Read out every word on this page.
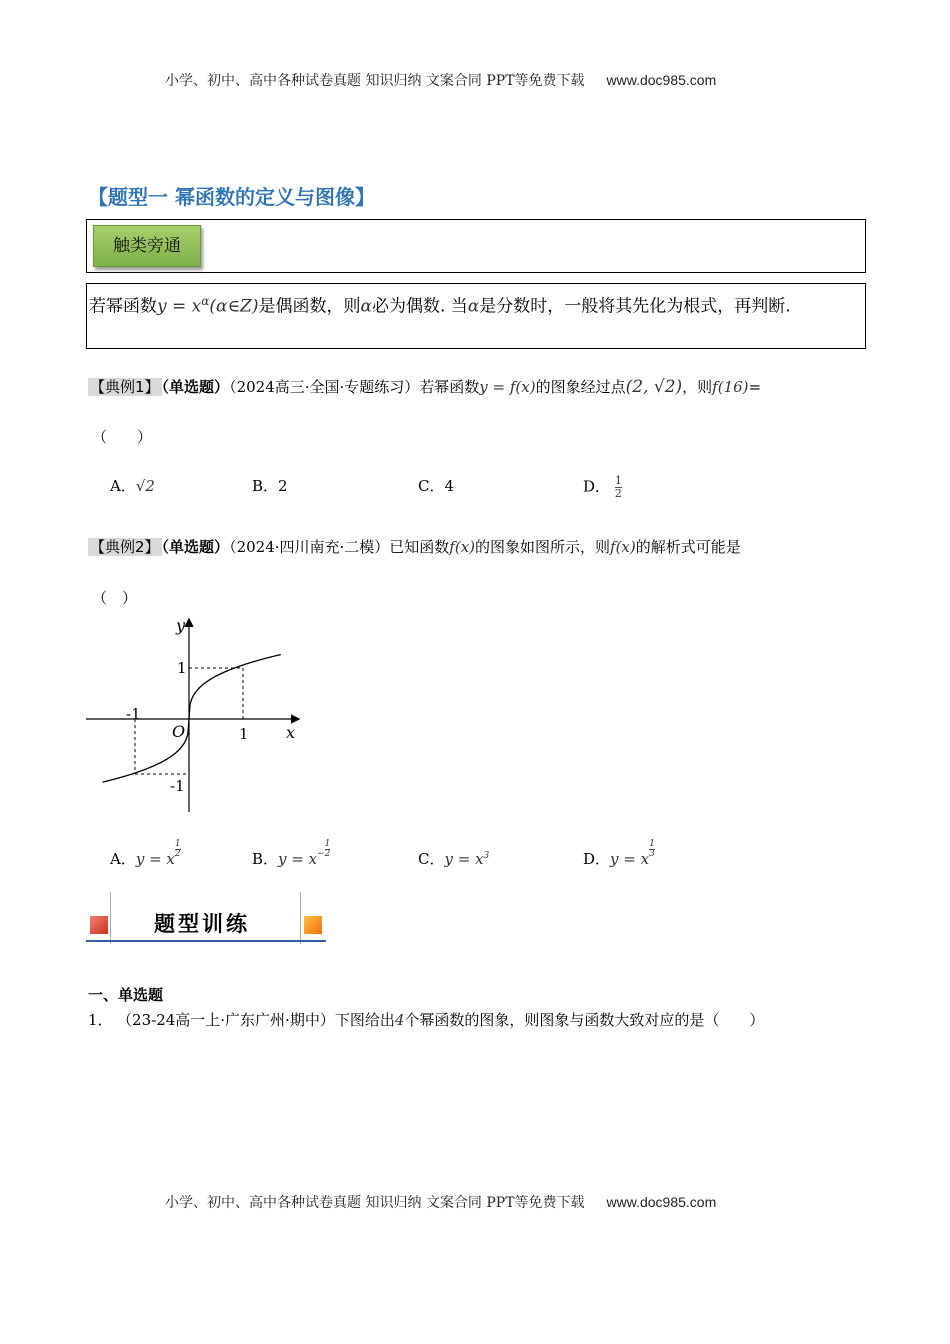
小学、初中、高中各种试卷真题 知识归纳 文案合同 PPT等免费下载 www.doc985.com
【题型一 幂函数的定义与图像】
触类旁通
若幂函数$y = x^\alpha(\alpha\in Z)$是偶函数，则α必为偶数. 当α是分数时，一般将其先化为根式，再判断.
【典例1】 （单选题）（2024高三·全国·专题练习）若幂函数y = f(x)的图象经过点(2, √2)，则f(16)=
（　　）
A．√2	B．2	C．4	D． $\frac{1}{2}$
【典例2】 （单选题）（2024·四川南充·二模）已知函数f(x)的图象如图所示，则f(x)的解析式可能是
（　）
y
x
O
1
-1
1
-1
A．y = x $^{\frac{1}{2}}$	B．$y = x^{- \frac{1}{2}}$	C．$y = x^3$	D．y = x $^{\frac{1}{3}}$
题型训练
一、单选题
1． （23-24高一上·广东广州·期中）下图给出4个幂函数的图象，则图象与函数大致对应的是（　　）
小学、初中、高中各种试卷真题 知识归纳 文案合同 PPT等免费下载 www.doc985.com
